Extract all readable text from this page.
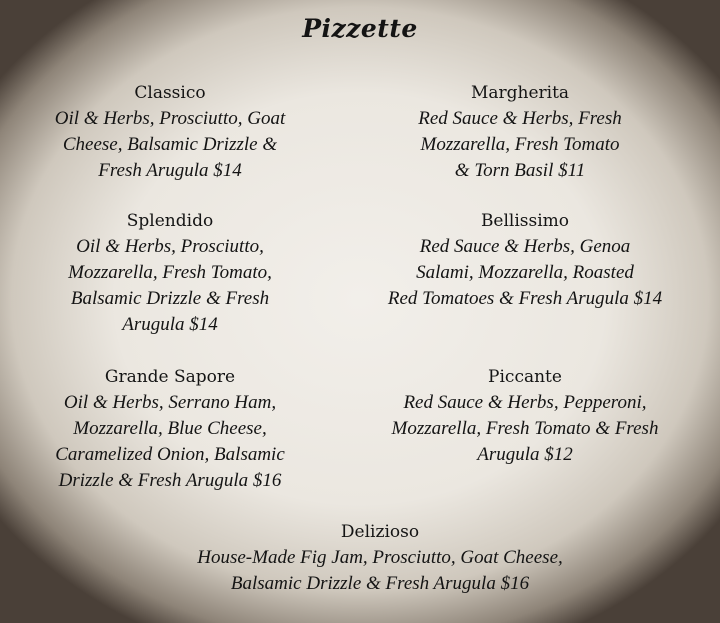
Pizzette
Classico
Oil & Herbs, Prosciutto, Goat
Cheese, Balsamic Drizzle &
Fresh Arugula $14
Margherita
Red Sauce & Herbs, Fresh
Mozzarella, Fresh Tomato
& Torn Basil $11
Splendido
Oil & Herbs, Prosciutto,
Mozzarella, Fresh Tomato,
Balsamic Drizzle & Fresh
Arugula $14
Bellissimo
Red Sauce & Herbs, Genoa
Salami, Mozzarella, Roasted
Red Tomatoes & Fresh Arugula $14
Grande Sapore
Oil & Herbs, Serrano Ham,
Mozzarella, Blue Cheese,
Caramelized Onion, Balsamic
Drizzle & Fresh Arugula $16
Piccante
Red Sauce & Herbs, Pepperoni,
Mozzarella, Fresh Tomato & Fresh
Arugula $12
Delizioso
House-Made Fig Jam, Prosciutto, Goat Cheese,
Balsamic Drizzle & Fresh Arugula $16
